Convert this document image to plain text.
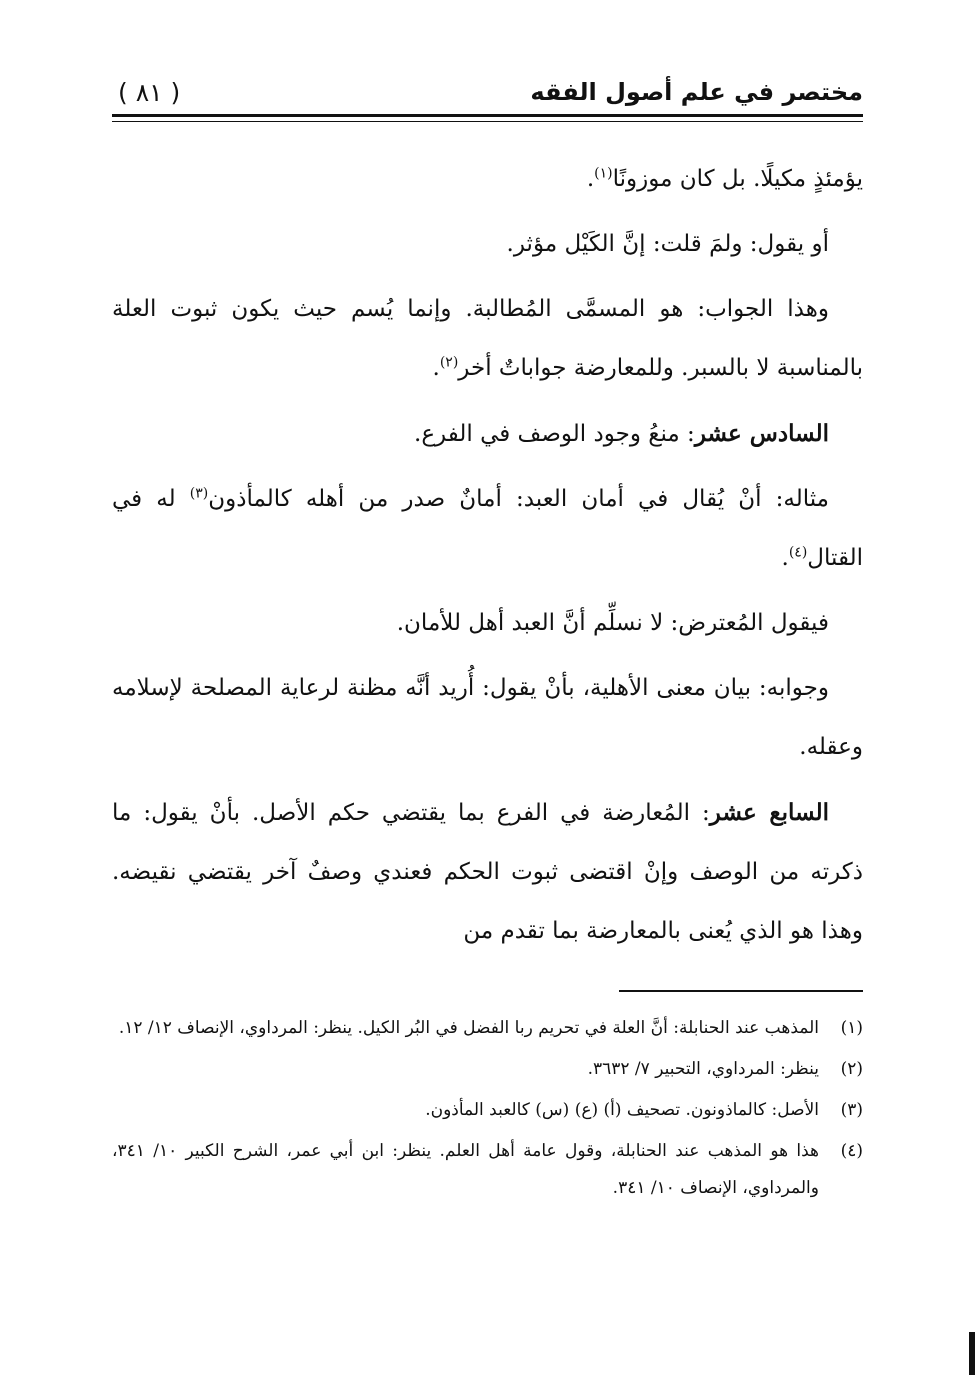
مختصر في علم أصول الفقه
( ٨١ )

يؤمئذٍ مكيلًا. بل كان موزونًا$^{(١)}$.

أو يقول: ولمَ قلت: إنَّ الكَيْل مؤثر.

وهذا الجواب: هو المسمَّى المُطالبة. وإنما يُسم حيث يكون ثبوت العلة بالمناسبة لا بالسبر. وللمعارضة جواباتٌ أخر$^{(٢)}$.

السادس عشر: منعُ وجود الوصف في الفرع.

مثاله: أنْ يُقال في أمان العبد: أمانٌ صدر من أهله كالمأذون$^{(٣)}$ له في القتال$^{(٤)}$.

فيقول المُعترض: لا نسلِّم أنَّ العبد أهل للأمان.

وجوابه: بيان معنى الأهلية، بأنْ يقول: أُريد أنَّه مظنة لرعاية المصلحة لإسلامه وعقله.

السابع عشر: المُعارضة في الفرع بما يقتضي حكم الأصل. بأنْ يقول: ما ذكرته من الوصف وإنْ اقتضى ثبوت الحكم فعندي وصفٌ آخر يقتضي نقيضه. وهذا هو الذي يُعنى بالمعارضة بما تقدم من

(١)
المذهب عند الحنابلة: أنَّ العلة في تحريم ربا الفضل في البُر الكيل. ينظر: المرداوي، الإنصاف ١٢/ ١٢.
(٢)
ينظر: المرداوي، التحبير ٧/ ٣٦٣٢.
(٣)
الأصل: كالماذونون. تصحيف (أ) (ع) (س) كالعبد المأذون.
(٤)
هذا هو المذهب عند الحنابلة، وقول عامة أهل العلم. ينظر: ابن أبي عمر، الشرح الكبير ١٠/ ٣٤١، والمرداوي، الإنصاف ١٠/ ٣٤١.
